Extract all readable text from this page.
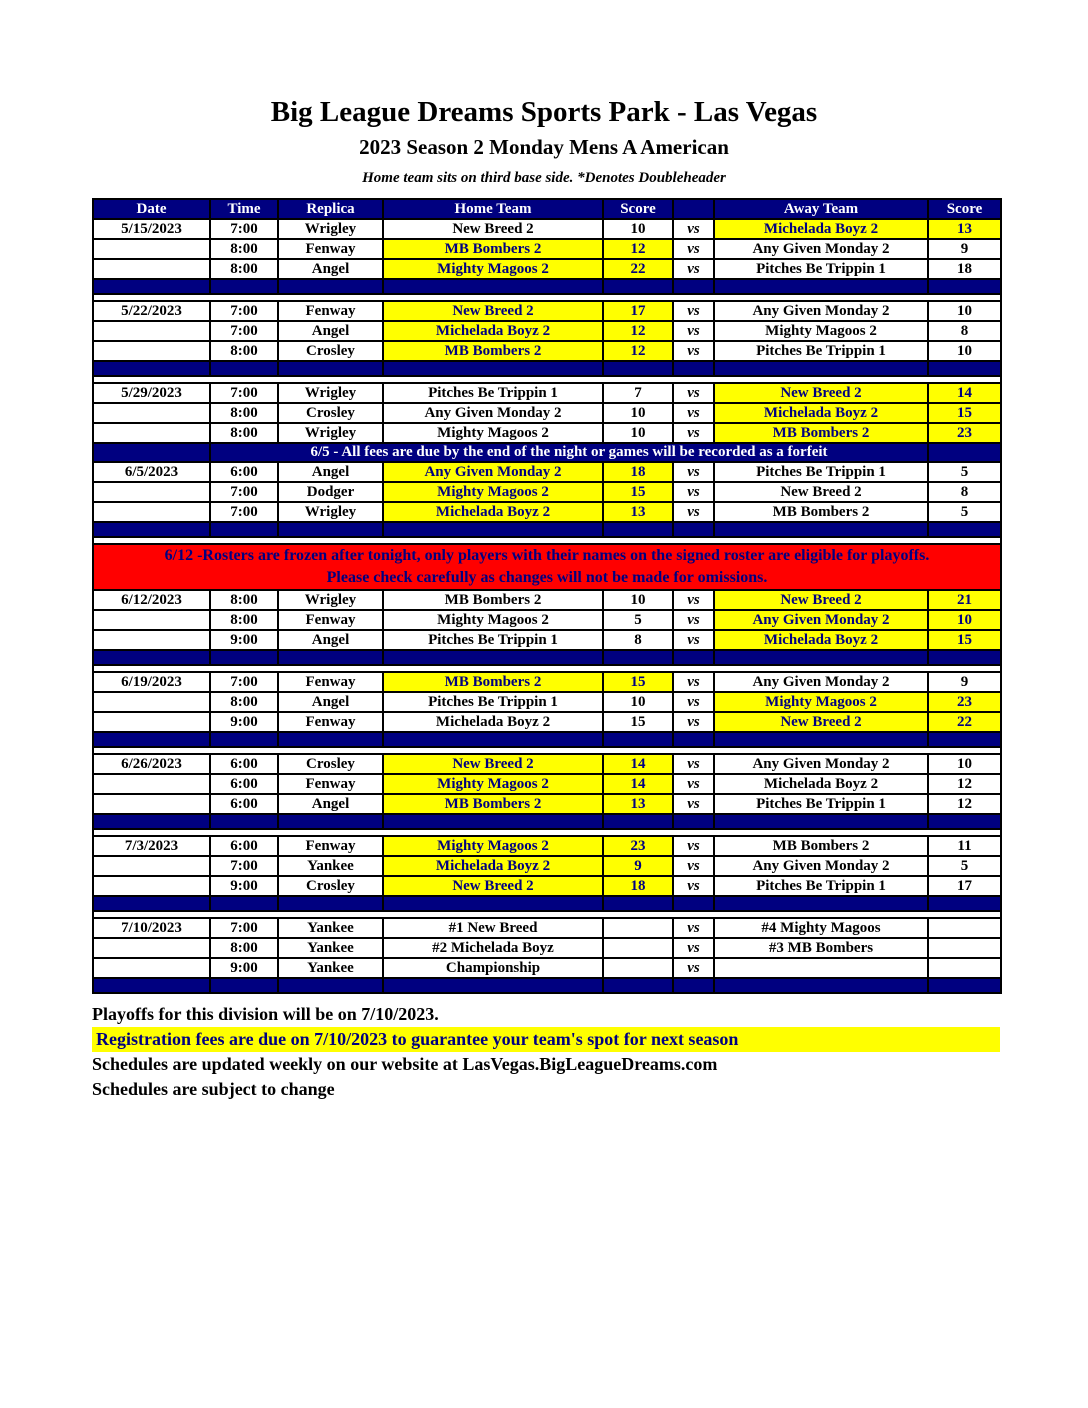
Big League Dreams Sports Park - Las Vegas
2023 Season 2 Monday Mens A American
Home team sits on third base side. *Denotes Doubleheader
Date	Time	Replica	Home Team	Score		Away Team	Score
5/15/2023	7:00	Wrigley	New Breed 2	10	vs	Michelada Boyz 2	13
	8:00	Fenway	MB Bombers 2	12	vs	Any Given Monday 2	9
	8:00	Angel	Mighty Magoos 2	22	vs	Pitches Be Trippin 1	18

5/22/2023	7:00	Fenway	New Breed 2	17	vs	Any Given Monday 2	10
	7:00	Angel	Michelada Boyz 2	12	vs	Mighty Magoos 2	8
	8:00	Crosley	MB Bombers 2	12	vs	Pitches Be Trippin 1	10

5/29/2023	7:00	Wrigley	Pitches Be Trippin 1	7	vs	New Breed 2	14
	8:00	Crosley	Any Given Monday 2	10	vs	Michelada Boyz 2	15
	8:00	Wrigley	Mighty Magoos 2	10	vs	MB Bombers 2	23
	6/5 - All fees are due by the end of the night or games will be recorded as a forfeit						
6/5/2023	6:00	Angel	Any Given Monday 2	18	vs	Pitches Be Trippin 1	5
	7:00	Dodger	Mighty Magoos 2	15	vs	New Breed 2	8
	7:00	Wrigley	Michelada Boyz 2	13	vs	MB Bombers 2	5

6/12 -Rosters are frozen after tonight, only players with their names on the signed roster are eligible for playoffs.
Please check carefully as changes will not be made for omissions.							

6/12/2023	8:00	Wrigley	MB Bombers 2	10	vs	New Breed 2	21
	8:00	Fenway	Mighty Magoos 2	5	vs	Any Given Monday 2	10
	9:00	Angel	Pitches Be Trippin 1	8	vs	Michelada Boyz 2	15

6/19/2023	7:00	Fenway	MB Bombers 2	15	vs	Any Given Monday 2	9
	8:00	Angel	Pitches Be Trippin 1	10	vs	Mighty Magoos 2	23
	9:00	Fenway	Michelada Boyz 2	15	vs	New Breed 2	22

6/26/2023	6:00	Crosley	New Breed 2	14	vs	Any Given Monday 2	10
	6:00	Fenway	Mighty Magoos 2	14	vs	Michelada Boyz 2	12
	6:00	Angel	MB Bombers 2	13	vs	Pitches Be Trippin 1	12

7/3/2023	6:00	Fenway	Mighty Magoos 2	23	vs	MB Bombers 2	11
	7:00	Yankee	Michelada Boyz 2	9	vs	Any Given Monday 2	5
	9:00	Crosley	New Breed 2	18	vs	Pitches Be Trippin 1	17

7/10/2023	7:00	Yankee	#1 New Breed		vs	#4 Mighty Magoos	
	8:00	Yankee	#2 Michelada Boyz		vs	#3 MB Bombers	
	9:00	Yankee	Championship		vs		

Playoffs for this division will be on 7/10/2023.
Registration fees are due on 7/10/2023 to guarantee your team's spot for next season
Schedules are updated weekly on our website at LasVegas.BigLeagueDreams.com
Schedules are subject to change
